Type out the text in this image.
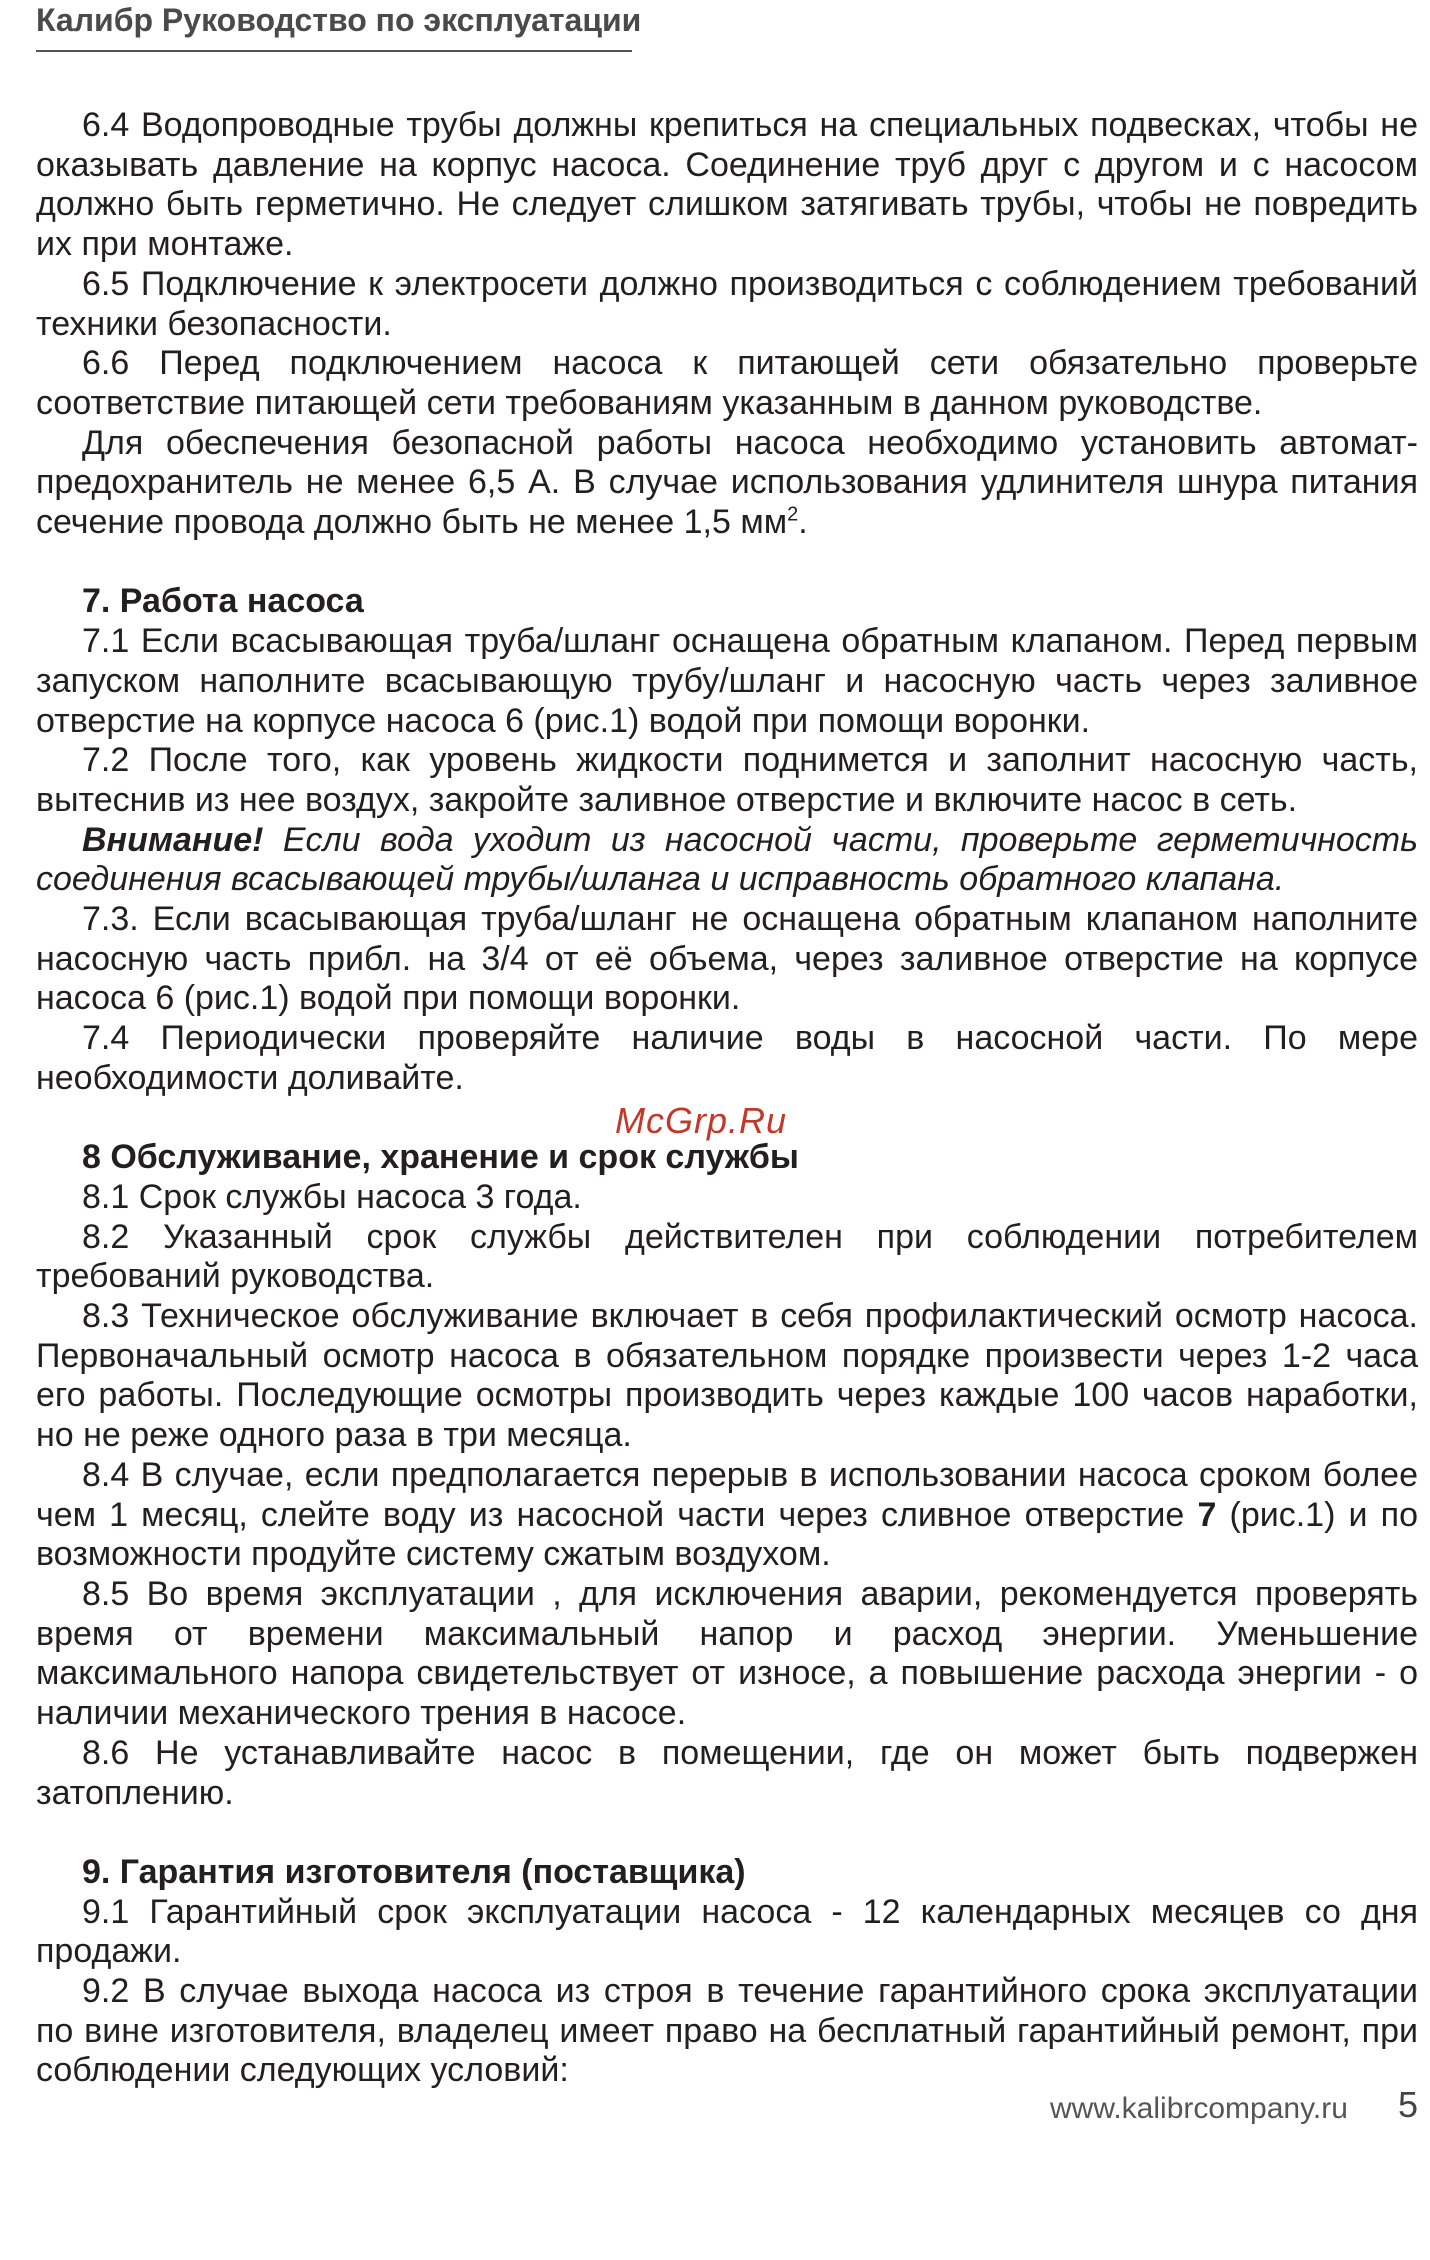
Калибр Руководство по эксплуатации

6.4 Водопроводные трубы должны крепиться на специальных подвесках, чтобы не оказывать давление на корпус насоса. Соединение труб друг с другом и с насосом должно быть герметично. Не следует слишком затягивать трубы, чтобы не повредить их при монтаже.

6.5 Подключение к электросети должно производиться с соблюдением требований техники безопасности.

6.6 Перед подключением насоса к питающей сети обязательно проверьте соответствие питающей сети требованиям указанным в данном руководстве.

Для обеспечения безопасной работы насоса необходимо установить автомат-предохранитель не менее 6,5 А. В случае использования удлинителя шнура питания сечение провода должно быть не менее 1,5 $мм^2$.

7. Работа насоса

7.1 Если всасывающая труба/шланг оснащена обратным клапаном. Перед первым запуском наполните всасывающую трубу/шланг и насосную часть через заливное отверстие на корпусе насоса 6 (рис.1) водой при помощи воронки.

7.2 После того, как уровень жидкости поднимется и заполнит насосную часть, вытеснив из нее воздух, закройте заливное отверстие и включите насос в сеть.

Внимание! Если вода уходит из насосной части, проверьте герметичность соединения всасывающей трубы/шланга и исправность обратного клапана.

7.3. Если всасывающая труба/шланг не оснащена обратным клапаном наполните насосную часть прибл. на 3/4 от её объема, через заливное отверстие на корпусе насоса 6 (рис.1) водой при помощи воронки.

7.4 Периодически проверяйте наличие воды в насосной части. По мере необходимости доливайте.

8 Обслуживание, хранение и срок службы

8.1 Срок службы насоса 3 года.

8.2 Указанный срок службы действителен при соблюдении потребителем требований руководства.

8.3 Техническое обслуживание включает в себя профилактический осмотр насоса. Первоначальный осмотр насоса в обязательном порядке произвести через 1-2 часа его работы. Последующие осмотры производить через каждые 100 часов наработки, но не реже одного раза в три месяца.

8.4 В случае, если предполагается перерыв в использовании насоса сроком более чем 1 месяц, слейте воду из насосной части через сливное отверстие 7 (рис.1) и по возможности продуйте систему сжатым воздухом.

8.5 Во время эксплуатации , для исключения аварии, рекомендуется проверять время от времени максимальный напор и расход энергии. Уменьшение максимального напора свидетельствует от износе, а повышение расхода энергии - о наличии механического трения в насосе.

8.6 Не устанавливайте насос в помещении, где он может быть подвержен затоплению.

9. Гарантия изготовителя (поставщика)

9.1 Гарантийный срок эксплуатации насоса - 12 календарных месяцев со дня продажи.

9.2 В случае выхода насоса из строя в течение гарантийного срока эксплуатации по вине изготовителя, владелец имеет право на бесплатный гарантийный ремонт, при соблюдении следующих условий:

McGrp.Ru
www.kalibrcompany.ru 5
